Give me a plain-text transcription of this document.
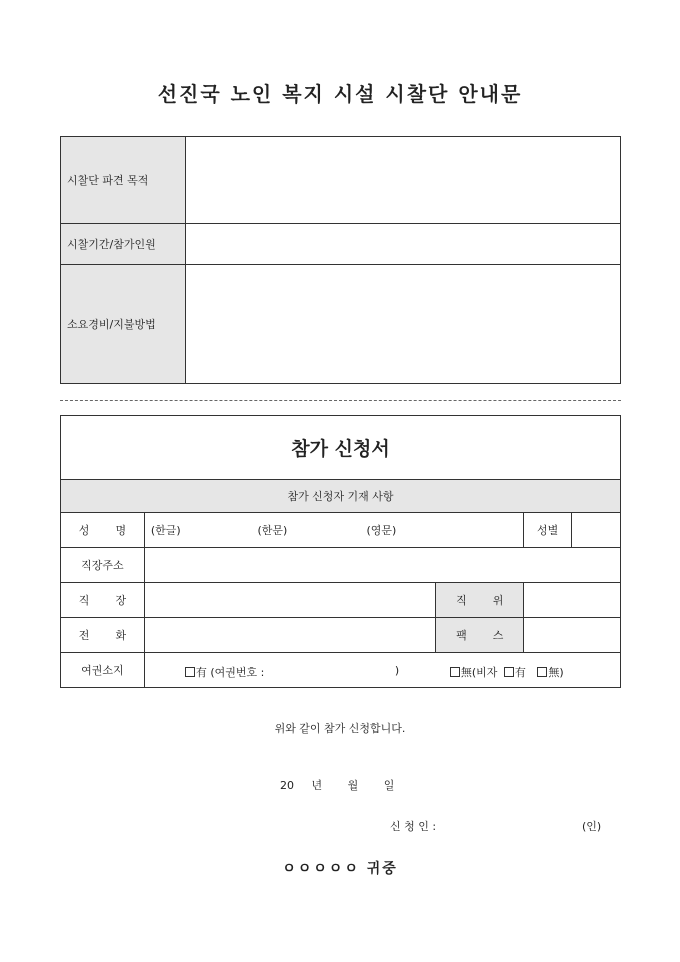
선진국 노인 복지 시설 시찰단 안내문
시찰단 파견 목적	
시찰기간/참가인원	
소요경비/지불방법	
참가 신청서				
참가 신청자 기재 사항				
성 명	(한글) (한문) (영문)		성별	
직장주소				
직 장		직 위		
전 화		팩 스		
여권소지	有 (여권번호 : ) 無(비자 有 無)			
위와 같이 참가 신청합니다.
20 년 월 일
신 청 인 :	(인)
ㅇㅇㅇㅇㅇ 귀중
